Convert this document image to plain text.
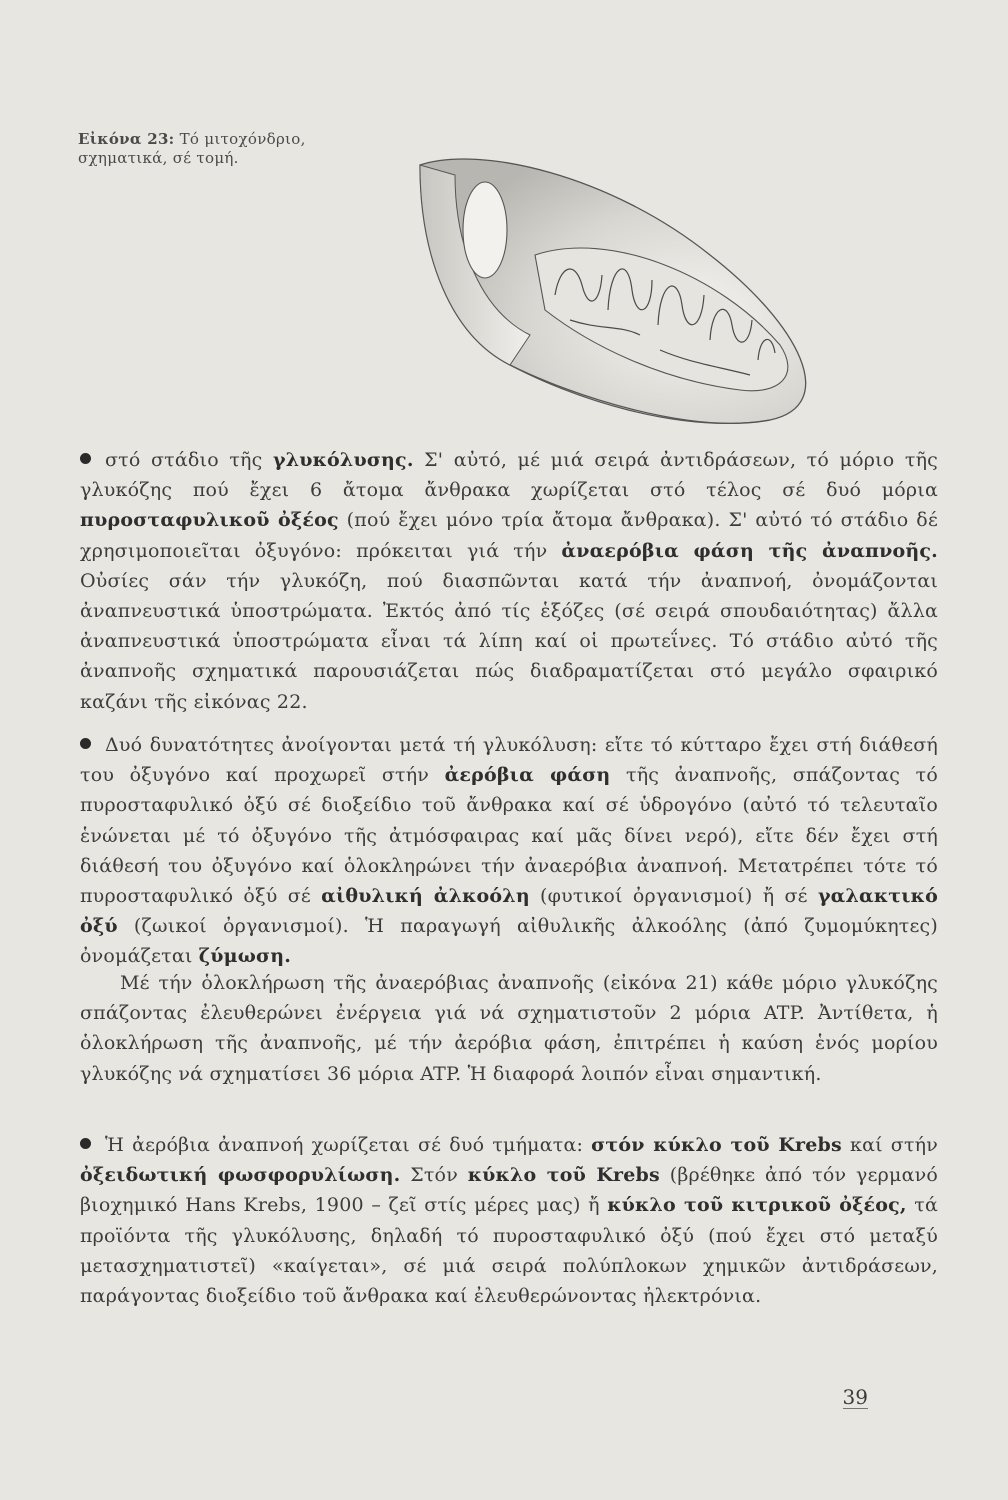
Εἰκόνα 23: Τό μιτοχόνδριο,
σχηματικά, σέ τομή.
στό στάδιο τῆς γλυκόλυσης. Σ' αὐτό, μέ μιά σειρά ἀντιδράσεων, τό μόριο τῆς γλυκόζης πού ἔχει 6 ἄτομα ἄνθρακα χωρίζεται στό τέλος σέ δυό μόρια πυροσταφυλικοῦ ὀξέος (πού ἔχει μόνο τρία ἄτομα ἄνθρακα). Σ' αὐτό τό στάδιο δέ χρησιμοποιεῖται ὀξυγόνο: πρόκειται γιά τήν ἀναερόβια φάση τῆς ἀναπνοῆς. Οὐσίες σάν τήν γλυκόζη, πού διασπῶνται κατά τήν ἀναπνοή, ὀνομάζονται ἀναπνευστικά ὑποστρώματα. Ἐκτός ἀπό τίς ἑξόζες (σέ σειρά σπουδαιότητας) ἄλλα ἀναπνευστικά ὑποστρώματα εἶναι τά λίπη καί οἱ πρωτεΐνες. Τό στάδιο αὐτό τῆς ἀναπνοῆς σχηματικά παρουσιάζεται πώς διαδραματίζεται στό μεγάλο σφαιρικό καζάνι τῆς εἰκόνας 22.
Δυό δυνατότητες ἀνοίγονται μετά τή γλυκόλυση: εἴτε τό κύτταρο ἔχει στή διάθεσή του ὀξυγόνο καί προχωρεῖ στήν ἀερόβια φάση τῆς ἀναπνοῆς, σπάζοντας τό πυροσταφυλικό ὀξύ σέ διοξείδιο τοῦ ἄνθρακα καί σέ ὑδρογόνο (αὐτό τό τελευταῖο ἑνώνεται μέ τό ὀξυγόνο τῆς ἀτμόσφαιρας καί μᾶς δίνει νερό), εἴτε δέν ἔχει στή διάθεσή του ὀξυγόνο καί ὁλοκληρώνει τήν ἀναερόβια ἀναπνοή. Μετατρέπει τότε τό πυροσταφυλικό ὀξύ σέ αἰθυλική ἀλκοόλη (φυτικοί ὀργανισμοί) ἤ σέ γαλακτικό ὀξύ (ζωικοί ὀργανισμοί). Ἡ παραγωγή αἰθυλικῆς ἀλκοόλης (ἀπό ζυμομύκητες) ὀνομάζεται ζύμωση.
Μέ τήν ὁλοκλήρωση τῆς ἀναερόβιας ἀναπνοῆς (εἰκόνα 21) κάθε μόριο γλυκόζης σπάζοντας ἐλευθερώνει ἐνέργεια γιά νά σχηματιστοῦν 2 μόρια ATP. Ἀντίθετα, ἡ ὁλοκλήρωση τῆς ἀναπνοῆς, μέ τήν ἀερόβια φάση, ἐπιτρέπει ἡ καύση ἑνός μορίου γλυκόζης νά σχηματίσει 36 μόρια ATP. Ἡ διαφορά λοιπόν εἶναι σημαντική.
Ἡ ἀερόβια ἀναπνοή χωρίζεται σέ δυό τμήματα: στόν κύκλο τοῦ Krebs καί στήν ὀξειδωτική φωσφορυλίωση. Στόν κύκλο τοῦ Krebs (βρέθηκε ἀπό τόν γερμανό βιοχημικό Hans Krebs, 1900 – ζεῖ στίς μέρες μας) ἤ κύκλο τοῦ κιτρικοῦ ὀξέος, τά προϊόντα τῆς γλυκόλυσης, δηλαδή τό πυροσταφυλικό ὀξύ (πού ἔχει στό μεταξύ μετασχηματιστεῖ) «καίγεται», σέ μιά σειρά πολύπλοκων χημικῶν ἀντιδράσεων, παράγοντας διοξείδιο τοῦ ἄνθρακα καί ἐλευθερώνοντας ἠλεκτρόνια.
39
